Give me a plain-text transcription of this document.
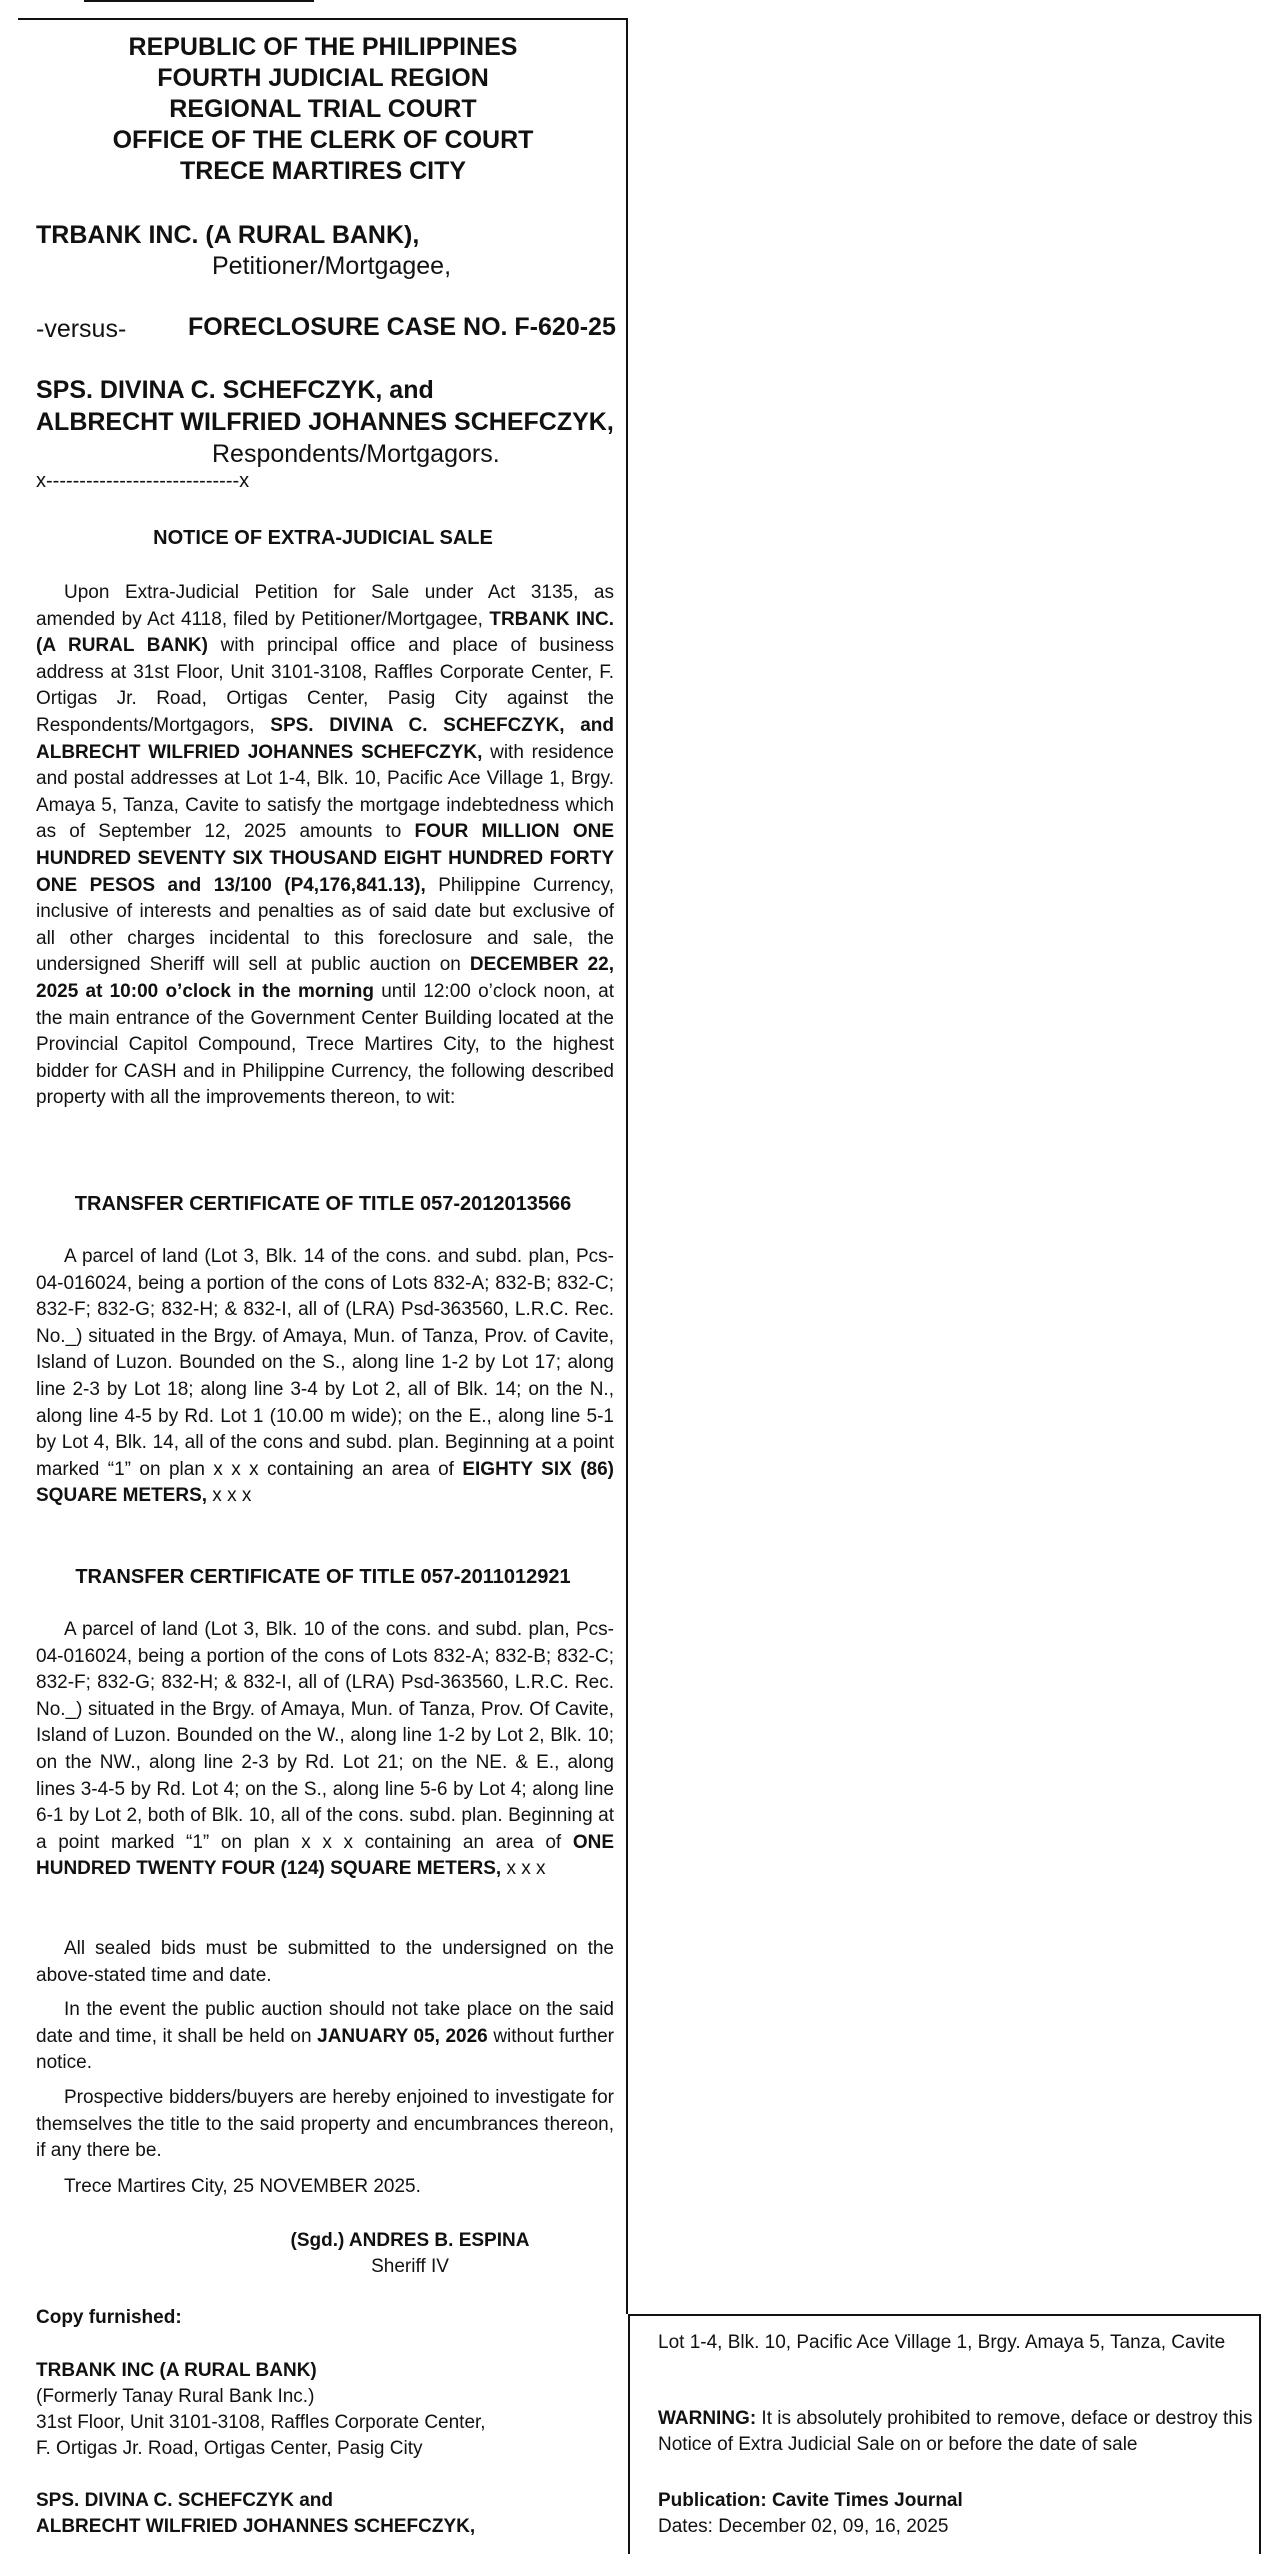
REPUBLIC OF THE PHILIPPINES
FOURTH JUDICIAL REGION
REGIONAL TRIAL COURT
OFFICE OF THE CLERK OF COURT
TRECE MARTIRES CITY
TRBANK INC. (A RURAL BANK),
Petitioner/Mortgagee,
-versus- FORECLOSURE CASE NO. F-620-25
SPS. DIVINA C. SCHEFCZYK, and
ALBRECHT WILFRIED JOHANNES SCHEFCZYK,
Respondents/Mortgagors.
x-----------------------------x
NOTICE OF EXTRA-JUDICIAL SALE

Upon Extra-Judicial Petition for Sale under Act 3135, as amended by Act 4118, filed by Petitioner/Mortgagee, TRBANK INC. (A RURAL BANK) with principal office and place of business address at 31st Floor, Unit 3101-3108, Raffles Corporate Center, F. Ortigas Jr. Road, Ortigas Center, Pasig City against the Respondents/Mortgagors, SPS. DIVINA C. SCHEFCZYK, and ALBRECHT WILFRIED JOHANNES SCHEFCZYK, with residence and postal addresses at Lot 1-4, Blk. 10, Pacific Ace Village 1, Brgy. Amaya 5, Tanza, Cavite to satisfy the mortgage indebtedness which as of September 12, 2025 amounts to FOUR MILLION ONE HUNDRED SEVENTY SIX THOUSAND EIGHT HUNDRED FORTY ONE PESOS and 13/100 (P4,176,841.13), Philippine Currency, inclusive of interests and penalties as of said date but exclusive of all other charges incidental to this foreclosure and sale, the undersigned Sheriff will sell at public auction on DECEMBER 22, 2025 at 10:00 o’clock in the morning until 12:00 o’clock noon, at the main entrance of the Government Center Building located at the Provincial Capitol Compound, Trece Martires City, to the highest bidder for CASH and in Philippine Currency, the following described property with all the improvements thereon, to wit:

TRANSFER CERTIFICATE OF TITLE 057-2012013566

A parcel of land (Lot 3, Blk. 14 of the cons. and subd. plan, Pcs-04-016024, being a portion of the cons of Lots 832-A; 832-B; 832-C; 832-F; 832-G; 832-H; & 832-I, all of (LRA) Psd-363560, L.R.C. Rec. No._) situated in the Brgy. of Amaya, Mun. of Tanza, Prov. of Cavite, Island of Luzon. Bounded on the S., along line 1-2 by Lot 17; along line 2-3 by Lot 18; along line 3-4 by Lot 2, all of Blk. 14; on the N., along line 4-5 by Rd. Lot 1 (10.00 m wide); on the E., along line 5-1 by Lot 4, Blk. 14, all of the cons and subd. plan. Beginning at a point marked “1” on plan x x x containing an area of EIGHTY SIX (86) SQUARE METERS, x x x

TRANSFER CERTIFICATE OF TITLE 057-2011012921

A parcel of land (Lot 3, Blk. 10 of the cons. and subd. plan, Pcs-04-016024, being a portion of the cons of Lots 832-A; 832-B; 832-C; 832-F; 832-G; 832-H; & 832-I, all of (LRA) Psd-363560, L.R.C. Rec. No._) situated in the Brgy. of Amaya, Mun. of Tanza, Prov. Of Cavite, Island of Luzon. Bounded on the W., along line 1-2 by Lot 2, Blk. 10; on the NW., along line 2-3 by Rd. Lot 21; on the NE. & E., along lines 3-4-5 by Rd. Lot 4; on the S., along line 5-6 by Lot 4; along line 6-1 by Lot 2, both of Blk. 10, all of the cons. subd. plan. Beginning at a point marked “1” on plan x x x containing an area of ONE HUNDRED TWENTY FOUR (124) SQUARE METERS, x x x

All sealed bids must be submitted to the undersigned on the above-stated time and date.

In the event the public auction should not take place on the said date and time, it shall be held on JANUARY 05, 2026 without further notice.

Prospective bidders/buyers are hereby enjoined to investigate for themselves the title to the said property and encumbrances thereon, if any there be.

Trece Martires City, 25 NOVEMBER 2025.

(Sgd.) ANDRES B. ESPINA
Sheriff IV
Copy furnished:
TRBANK INC (A RURAL BANK)
(Formerly Tanay Rural Bank Inc.)
31st Floor, Unit 3101-3108, Raffles Corporate Center,
F. Ortigas Jr. Road, Ortigas Center, Pasig City
SPS. DIVINA C. SCHEFCZYK and
ALBRECHT WILFRIED JOHANNES SCHEFCZYK,
Lot 1-4, Blk. 10, Pacific Ace Village 1, Brgy. Amaya 5, Tanza, Cavite
WARNING: It is absolutely prohibited to remove, deface or destroy this Notice of Extra Judicial Sale on or before the date of sale
Publication: Cavite Times Journal
Dates: December 02, 09, 16, 2025
